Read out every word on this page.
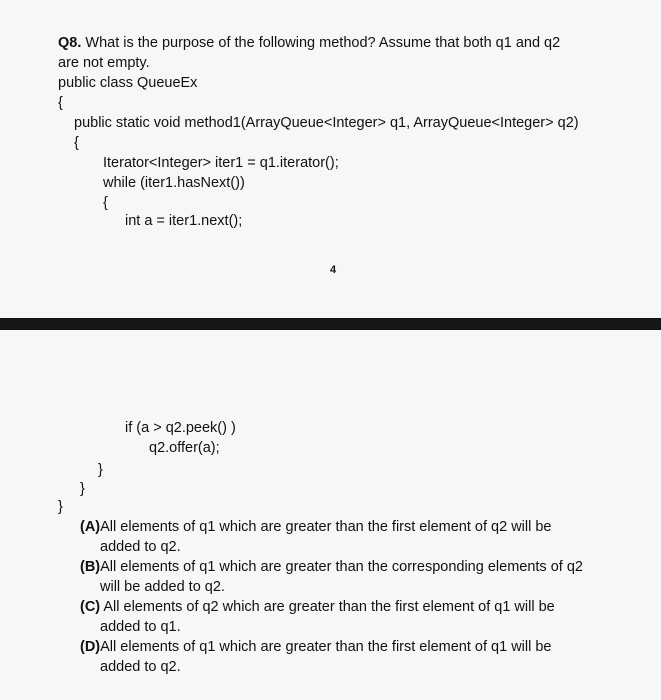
Q8. What is the purpose of the following method? Assume that both q1 and q2
are not empty.
public class QueueEx
{
public static void method1(ArrayQueue<Integer> q1, ArrayQueue<Integer> q2)
{
Iterator<Integer> iter1 = q1.iterator();
while (iter1.hasNext())
{
int a = iter1.next();
4
if (a > q2.peek() )
q2.offer(a);
}
}
}
(A)All elements of q1 which are greater than the first element of q2 will be
added to q2.
(B)All elements of q1 which are greater than the corresponding elements of q2
will be added to q2.
(C) All elements of q2 which are greater than the first element of q1 will be
added to q1.
(D)All elements of q1 which are greater than the first element of q1 will be
added to q2.
